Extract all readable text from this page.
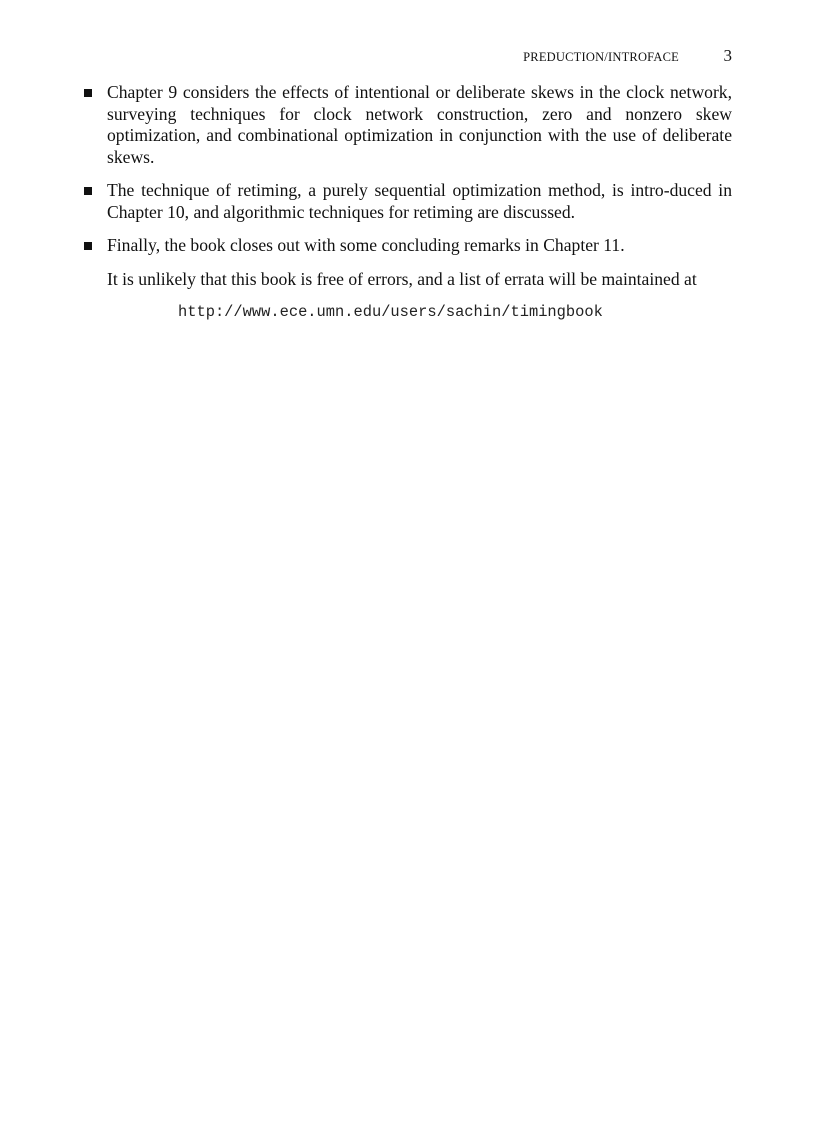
PREDUCTION/INTROFACE	3
Chapter 9 considers the effects of intentional or deliberate skews in the clock network, surveying techniques for clock network construction, zero and nonzero skew optimization, and combinational optimization in conjunction with the use of deliberate skews.
The technique of retiming, a purely sequential optimization method, is intro-duced in Chapter 10, and algorithmic techniques for retiming are discussed.
Finally, the book closes out with some concluding remarks in Chapter 11.

It is unlikely that this book is free of errors, and a list of errata will be maintained at

http://www.ece.umn.edu/users/sachin/timingbook
